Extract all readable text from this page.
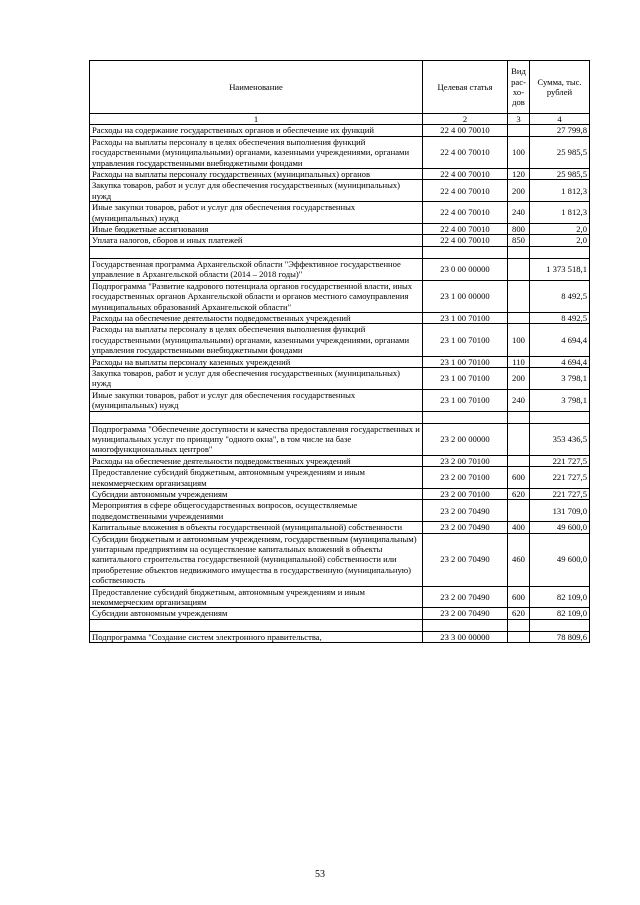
Наименование	Целевая статья	Вид рас-хо-дов	Сумма, тыс. рублей
1	2	3	4
Расходы на содержание государственных органов и обеспечение их функций	22 4 00 70010		27 799,8
Расходы на выплаты персоналу в целях обеспечения выполнения функций государственными (муниципальными) органами, казенными учреждениями, органами управления государственными внебюджетными фондами	22 4 00 70010	100	25 985,5
Расходы на выплаты персоналу государственных (муниципальных) органов	22 4 00 70010	120	25 985,5
Закупка товаров, работ и услуг для обеспечения государственных (муниципальных) нужд	22 4 00 70010	200	1 812,3
Иные закупки товаров, работ и услуг для обеспечения государственных (муниципальных) нужд	22 4 00 70010	240	1 812,3
Иные бюджетные ассигнования	22 4 00 70010	800	2,0
Уплата налогов, сборов и иных платежей	22 4 00 70010	850	2,0

Государственная программа Архангельской области "Эффективное государственное управление в Архангельской области (2014 – 2018 годы)"	23 0 00 00000		1 373 518,1
Подпрограмма "Развитие кадрового потенциала органов государственной власти, иных государственных органов Архангельской области и органов местного самоуправления муниципальных образований Архангельской области"	23 1 00 00000		8 492,5
Расходы на обеспечение деятельности подведомственных учреждений	23 1 00 70100		8 492,5
Расходы на выплаты персоналу в целях обеспечения выполнения функций государственными (муниципальными) органами, казенными учреждениями, органами управления государственными внебюджетными фондами	23 1 00 70100	100	4 694,4
Расходы на выплаты персоналу казенных учреждений	23 1 00 70100	110	4 694,4
Закупка товаров, работ и услуг для обеспечения государственных (муниципальных) нужд	23 1 00 70100	200	3 798,1
Иные закупки товаров, работ и услуг для обеспечения государственных (муниципальных) нужд	23 1 00 70100	240	3 798,1

Подпрограмма "Обеспечение доступности и качества предоставления государственных и муниципальных услуг по принципу "одного окна", в том числе на базе многофункциональных центров"	23 2 00 00000		353 436,5
Расходы на обеспечение деятельности подведомственных учреждений	23 2 00 70100		221 727,5
Предоставление субсидий бюджетным, автономным учреждениям и иным некоммерческим организациям	23 2 00 70100	600	221 727,5
Субсидии автономным учреждениям	23 2 00 70100	620	221 727,5
Мероприятия в сфере общегосударственных вопросов, осуществляемые подведомственными учреждениями	23 2 00 70490		131 709,0
Капитальные вложения в объекты государственной (муниципальной) собственности	23 2 00 70490	400	49 600,0
Субсидии бюджетным и автономным учреждениям, государственным (муниципальным) унитарным предприятиям на осуществление капитальных вложений в объекты капитального строительства государственной (муниципальной) собственности или приобретение объектов недвижимого имущества в государственную (муниципальную) собственность	23 2 00 70490	460	49 600,0
Предоставление субсидий бюджетным, автономным учреждениям и иным некоммерческим организациям	23 2 00 70490	600	82 109,0
Субсидии автономным учреждениям	23 2 00 70490	620	82 109,0

Подпрограмма "Создание систем электронного правительства,	23 3 00 00000		78 809,6
53
